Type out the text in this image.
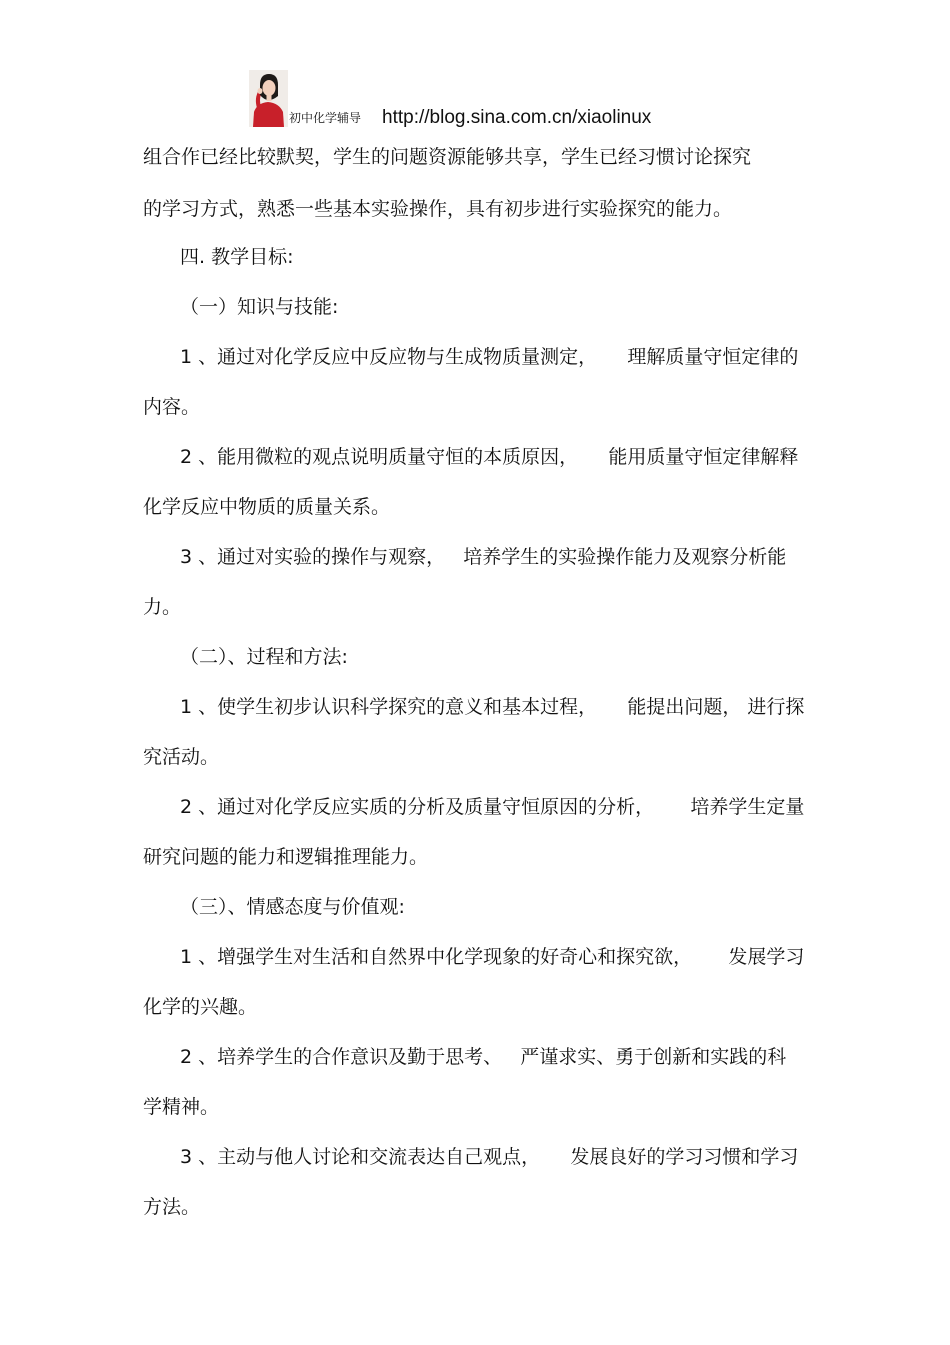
初中化学辅导 http://blog.sina.com.cn/xiaolinux

组合作已经比较默契，学生的问题资源能够共享，学生已经习惯讨论探究

的学习方式，熟悉一些基本实验操作，具有初步进行实验探究的能力。

四. 教学目标:

（一）知识与技能:

1 、通过对化学反应中反应物与生成物质量测定，     理解质量守恒定律的

内容。

2 、能用微粒的观点说明质量守恒的本质原因，     能用质量守恒定律解释

化学反应中物质的质量关系。

3 、通过对实验的操作与观察，   培养学生的实验操作能力及观察分析能

力。

（二）、过程和方法:

1 、使学生初步认识科学探究的意义和基本过程，     能提出问题， 进行探

究活动。

2 、通过对化学反应实质的分析及质量守恒原因的分析，      培养学生定量

研究问题的能力和逻辑推理能力。

（三）、情感态度与价值观:

1 、增强学生对生活和自然界中化学现象的好奇心和探究欲，      发展学习

化学的兴趣。

2 、培养学生的合作意识及勤于思考、   严谨求实、勇于创新和实践的科

学精神。

3 、主动与他人讨论和交流表达自己观点，     发展良好的学习习惯和学习

方法。
